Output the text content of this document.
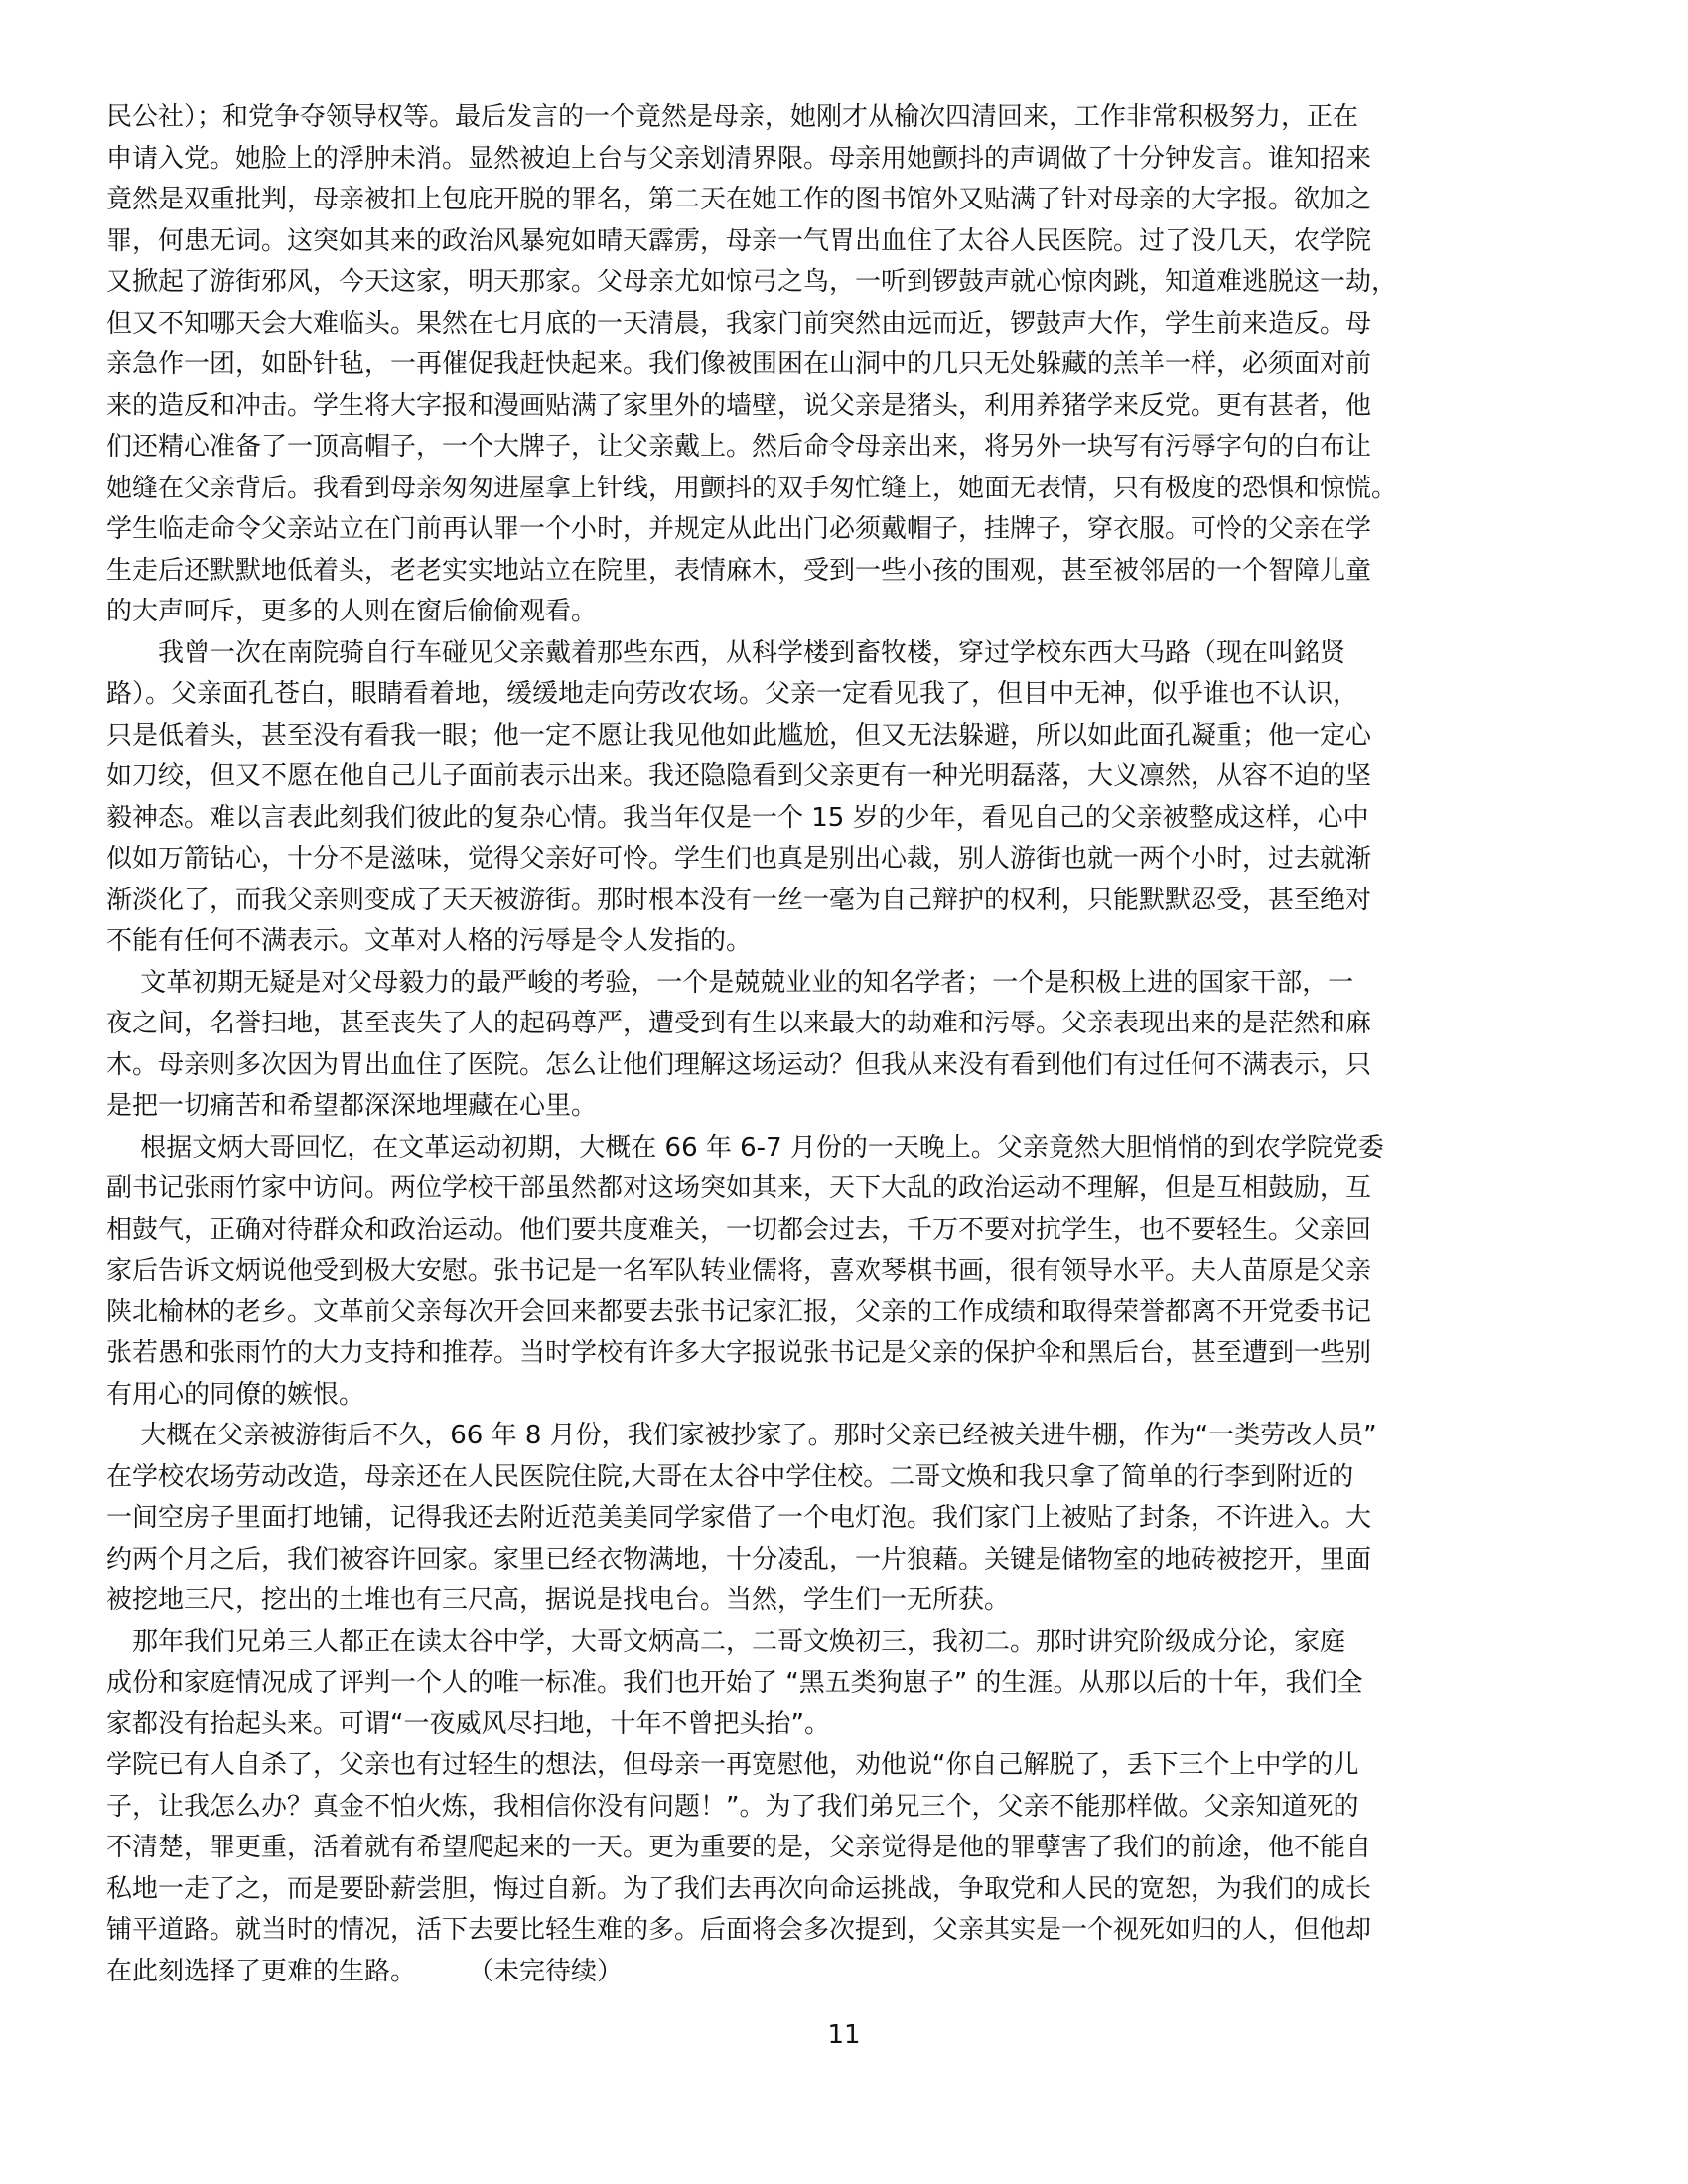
民公社）；和党争夺领导权等。最后发言的一个竟然是母亲，她刚才从榆次四清回来，工作非常积极努力，正在
申请入党。她脸上的浮肿未消。显然被迫上台与父亲划清界限。母亲用她颤抖的声调做了十分钟发言。谁知招来
竟然是双重批判，母亲被扣上包庇开脱的罪名，第二天在她工作的图书馆外又贴满了针对母亲的大字报。欲加之
罪，何患无词。这突如其来的政治风暴宛如晴天霹雳，母亲一气胃出血住了太谷人民医院。过了没几天，农学院
又掀起了游街邪风，今天这家，明天那家。父母亲尤如惊弓之鸟，一听到锣鼓声就心惊肉跳，知道难逃脱这一劫，
但又不知哪天会大难临头。果然在七月底的一天清晨，我家门前突然由远而近，锣鼓声大作，学生前来造反。母
亲急作一团，如卧针毡，一再催促我赶快起来。我们像被围困在山洞中的几只无处躲藏的羔羊一样，必须面对前
来的造反和冲击。学生将大字报和漫画贴满了家里外的墙壁，说父亲是猪头，利用养猪学来反党。更有甚者，他
们还精心准备了一顶高帽子，一个大牌子，让父亲戴上。然后命令母亲出来，将另外一块写有污辱字句的白布让
她缝在父亲背后。我看到母亲匆匆进屋拿上针线，用颤抖的双手匆忙缝上，她面无表情，只有极度的恐惧和惊慌。
学生临走命令父亲站立在门前再认罪一个小时，并规定从此出门必须戴帽子，挂牌子，穿衣服。可怜的父亲在学
生走后还默默地低着头，老老实实地站立在院里，表情麻木，受到一些小孩的围观，甚至被邻居的一个智障儿童
的大声呵斥，更多的人则在窗后偷偷观看。
　　我曾一次在南院骑自行车碰见父亲戴着那些东西，从科学楼到畜牧楼，穿过学校东西大马路（现在叫銘贤
路）。父亲面孔苍白，眼睛看着地，缓缓地走向劳改农场。父亲一定看见我了，但目中无神，似乎谁也不认识，
只是低着头，甚至没有看我一眼；他一定不愿让我见他如此尴尬，但又无法躲避，所以如此面孔凝重；他一定心
如刀绞，但又不愿在他自己儿子面前表示出来。我还隐隐看到父亲更有一种光明磊落，大义凛然，从容不迫的坚
毅神态。难以言表此刻我们彼此的复杂心情。我当年仅是一个 15 岁的少年，看见自己的父亲被整成这样，心中
似如万箭钻心，十分不是滋味，觉得父亲好可怜。学生们也真是别出心裁，别人游街也就一两个小时，过去就渐
渐淡化了，而我父亲则变成了天天被游街。那时根本没有一丝一毫为自己辩护的权利，只能默默忍受，甚至绝对
不能有任何不满表示。文革对人格的污辱是令人发指的。
　 文革初期无疑是对父母毅力的最严峻的考验，一个是兢兢业业的知名学者；一个是积极上进的国家干部，一
夜之间，名誉扫地，甚至丧失了人的起码尊严，遭受到有生以来最大的劫难和污辱。父亲表现出来的是茫然和麻
木。母亲则多次因为胃出血住了医院。怎么让他们理解这场运动？但我从来没有看到他们有过任何不满表示，只
是把一切痛苦和希望都深深地埋藏在心里。
　 根据文炳大哥回忆，在文革运动初期，大概在 66 年 6-7 月份的一天晚上。父亲竟然大胆悄悄的到农学院党委
副书记张雨竹家中访问。两位学校干部虽然都对这场突如其来，天下大乱的政治运动不理解，但是互相鼓励，互
相鼓气，正确对待群众和政治运动。他们要共度难关，一切都会过去，千万不要对抗学生，也不要轻生。父亲回
家后告诉文炳说他受到极大安慰。张书记是一名军队转业儒将，喜欢琴棋书画，很有领导水平。夫人苗原是父亲
陕北榆林的老乡。文革前父亲每次开会回来都要去张书记家汇报，父亲的工作成绩和取得荣誉都离不开党委书记
张若愚和张雨竹的大力支持和推荐。当时学校有许多大字报说张书记是父亲的保护伞和黑后台，甚至遭到一些别
有用心的同僚的嫉恨。
　 大概在父亲被游街后不久，66 年 8 月份，我们家被抄家了。那时父亲已经被关进牛棚，作为“一类劳改人员”
在学校农场劳动改造，母亲还在人民医院住院,大哥在太谷中学住校。二哥文焕和我只拿了简单的行李到附近的
一间空房子里面打地铺，记得我还去附近范美美同学家借了一个电灯泡。我们家门上被贴了封条，不许进入。大
约两个月之后，我们被容许回家。家里已经衣物满地，十分凌乱，一片狼藉。关键是储物室的地砖被挖开，里面
被挖地三尺，挖出的土堆也有三尺高，据说是找电台。当然，学生们一无所获。
　那年我们兄弟三人都正在读太谷中学，大哥文炳高二，二哥文焕初三，我初二。那时讲究阶级成分论，家庭
成份和家庭情况成了评判一个人的唯一标准。我们也开始了 “黑五类狗崽子” 的生涯。从那以后的十年，我们全
家都没有抬起头来。可谓“一夜威风尽扫地，十年不曾把头抬”。
学院已有人自杀了，父亲也有过轻生的想法，但母亲一再宽慰他，劝他说“你自己解脱了，丢下三个上中学的儿
子，让我怎么办？真金不怕火炼，我相信你没有问题！”。为了我们弟兄三个，父亲不能那样做。父亲知道死的
不清楚，罪更重，活着就有希望爬起来的一天。更为重要的是，父亲觉得是他的罪孽害了我们的前途，他不能自
私地一走了之，而是要卧薪尝胆，悔过自新。为了我们去再次向命运挑战，争取党和人民的宽恕，为我们的成长
铺平道路。就当时的情况，活下去要比轻生难的多。后面将会多次提到，父亲其实是一个视死如归的人，但他却
在此刻选择了更难的生路。　　　（未完待续）
11
